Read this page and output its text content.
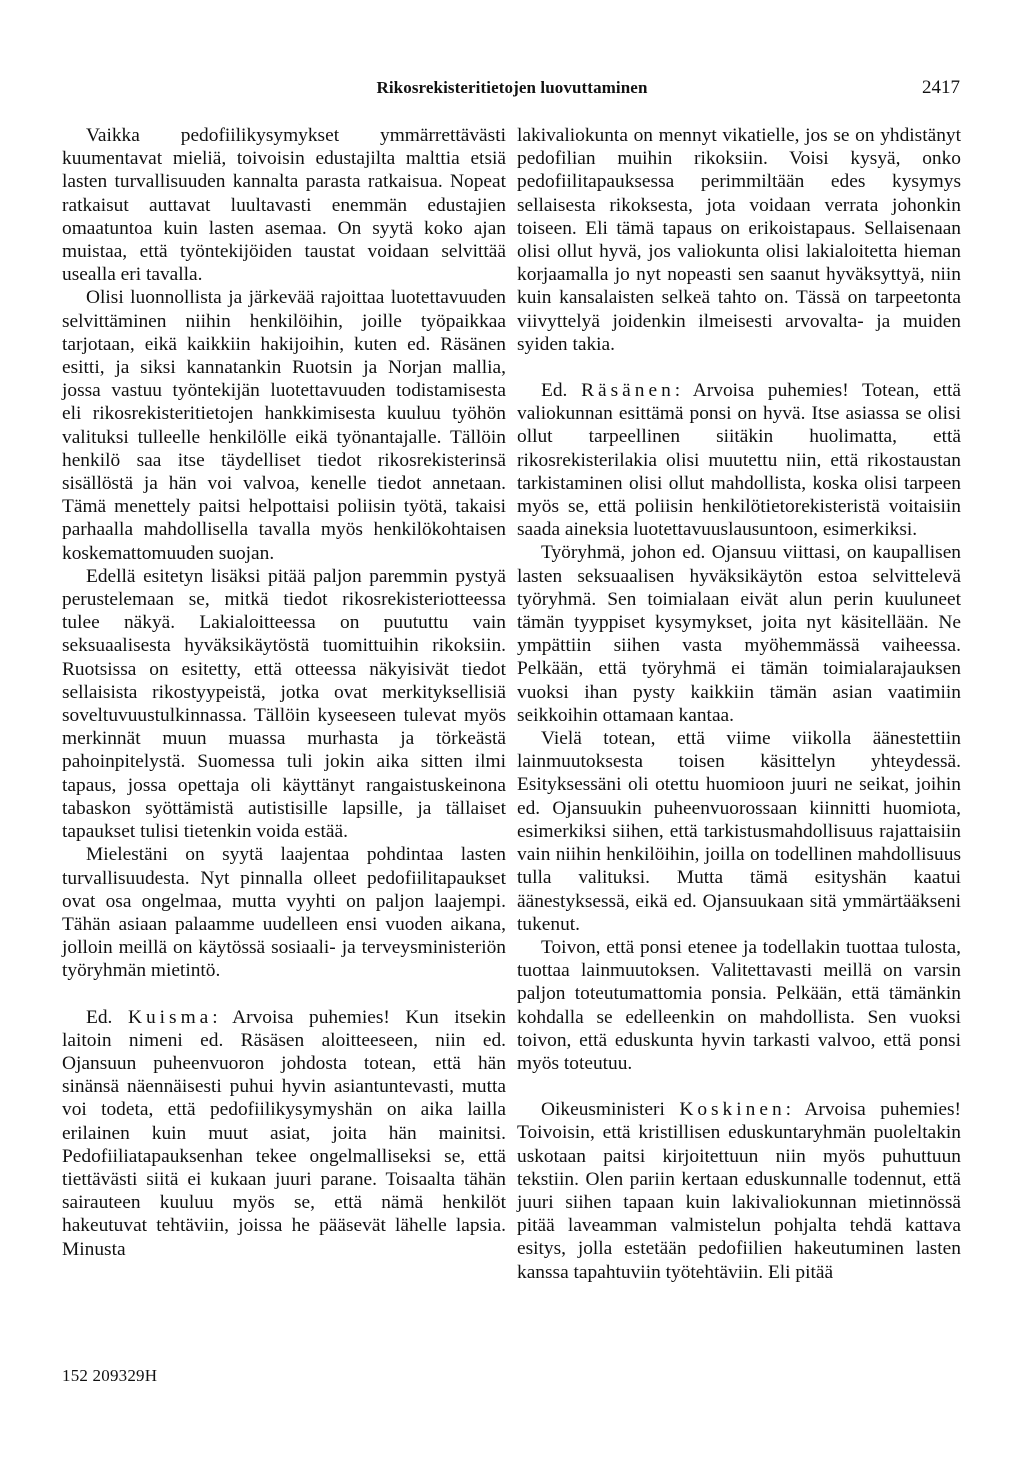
Rikosrekisteritietojen luovuttaminen	2417

Vaikka pedofiilikysymykset ymmärrettävästi kuumentavat mieliä, toivoisin edustajilta malttia etsiä lasten turvallisuuden kannalta parasta ratkaisua. Nopeat ratkaisut auttavat luultavasti enemmän edustajien omaatuntoa kuin lasten asemaa. On syytä koko ajan muistaa, että työntekijöiden taustat voidaan selvittää usealla eri tavalla.

Olisi luonnollista ja järkevää rajoittaa luotettavuuden selvittäminen niihin henkilöihin, joille työpaikkaa tarjotaan, eikä kaikkiin hakijoihin, kuten ed. Räsänen esitti, ja siksi kannatankin Ruotsin ja Norjan mallia, jossa vastuu työntekijän luotettavuuden todistamisesta eli rikosrekisteritietojen hankkimisesta kuuluu työhön valituksi tulleelle henkilölle eikä työnantajalle. Tällöin henkilö saa itse täydelliset tiedot rikosrekisterinsä sisällöstä ja hän voi valvoa, kenelle tiedot annetaan. Tämä menettely paitsi helpottaisi poliisin työtä, takaisi parhaalla mahdollisella tavalla myös henkilökohtaisen koskemattomuuden suojan.

Edellä esitetyn lisäksi pitää paljon paremmin pystyä perustelemaan se, mitkä tiedot rikosrekisteriotteessa tulee näkyä. Lakialoitteessa on puututtu vain seksuaalisesta hyväksikäytöstä tuomittuihin rikoksiin. Ruotsissa on esitetty, että otteessa näkyisivät tiedot sellaisista rikostyypeistä, jotka ovat merkityksellisiä soveltuvuustulkinnassa. Tällöin kyseeseen tulevat myös merkinnät muun muassa murhasta ja törkeästä pahoinpitelystä. Suomessa tuli jokin aika sitten ilmi tapaus, jossa opettaja oli käyttänyt rangaistuskeinona tabaskon syöttämistä autistisille lapsille, ja tällaiset tapaukset tulisi tietenkin voida estää.

Mielestäni on syytä laajentaa pohdintaa lasten turvallisuudesta. Nyt pinnalla olleet pedofiilitapaukset ovat osa ongelmaa, mutta vyyhti on paljon laajempi. Tähän asiaan palaamme uudelleen ensi vuoden aikana, jolloin meillä on käytössä sosiaali- ja terveysministeriön työryhmän mietintö.

Ed. Kuisma: Arvoisa puhemies! Kun itsekin laitoin nimeni ed. Räsäsen aloitteeseen, niin ed. Ojansuun puheenvuoron johdosta totean, että hän sinänsä näennäisesti puhui hyvin asiantuntevasti, mutta voi todeta, että pedofiilikysymyshän on aika lailla erilainen kuin muut asiat, joita hän mainitsi. Pedofiiliatapauksenhan tekee ongelmalliseksi se, että tiettävästi siitä ei kukaan juuri parane. Toisaalta tähän sairauteen kuuluu myös se, että nämä henkilöt hakeutuvat tehtäviin, joissa he pääsevät lähelle lapsia. Minusta

lakivaliokunta on mennyt vikatielle, jos se on yhdistänyt pedofilian muihin rikoksiin. Voisi kysyä, onko pedofiilitapauksessa perimmiltään edes kysymys sellaisesta rikoksesta, jota voidaan verrata johonkin toiseen. Eli tämä tapaus on erikoistapaus. Sellaisenaan olisi ollut hyvä, jos valiokunta olisi lakialoitetta hieman korjaamalla jo nyt nopeasti sen saanut hyväksyttyä, niin kuin kansalaisten selkeä tahto on. Tässä on tarpeetonta viivyttelyä joidenkin ilmeisesti arvovalta- ja muiden syiden takia.

Ed. Räsänen: Arvoisa puhemies! Totean, että valiokunnan esittämä ponsi on hyvä. Itse asiassa se olisi ollut tarpeellinen siitäkin huolimatta, että rikosrekisterilakia olisi muutettu niin, että rikostaustan tarkistaminen olisi ollut mahdollista, koska olisi tarpeen myös se, että poliisin henkilötietorekisteristä voitaisiin saada aineksia luotettavuuslausuntoon, esimerkiksi.

Työryhmä, johon ed. Ojansuu viittasi, on kaupallisen lasten seksuaalisen hyväksikäytön estoa selvittelevä työryhmä. Sen toimialaan eivät alun perin kuuluneet tämän tyyppiset kysymykset, joita nyt käsitellään. Ne ympättiin siihen vasta myöhemmässä vaiheessa. Pelkään, että työryhmä ei tämän toimialarajauksen vuoksi ihan pysty kaikkiin tämän asian vaatimiin seikkoihin ottamaan kantaa.

Vielä totean, että viime viikolla äänestettiin lainmuutoksesta toisen käsittelyn yhteydessä. Esityksessäni oli otettu huomioon juuri ne seikat, joihin ed. Ojansuukin puheenvuorossaan kiinnitti huomiota, esimerkiksi siihen, että tarkistusmahdollisuus rajattaisiin vain niihin henkilöihin, joilla on todellinen mahdollisuus tulla valituksi. Mutta tämä esityshän kaatui äänestyksessä, eikä ed. Ojansuukaan sitä ymmärtääkseni tukenut.

Toivon, että ponsi etenee ja todellakin tuottaa tulosta, tuottaa lainmuutoksen. Valitettavasti meillä on varsin paljon toteutumattomia ponsia. Pelkään, että tämänkin kohdalla se edelleenkin on mahdollista. Sen vuoksi toivon, että eduskunta hyvin tarkasti valvoo, että ponsi myös toteutuu.

Oikeusministeri Koskinen: Arvoisa puhemies! Toivoisin, että kristillisen eduskuntaryhmän puoleltakin uskotaan paitsi kirjoitettuun niin myös puhuttuun tekstiin. Olen pariin kertaan eduskunnalle todennut, että juuri siihen tapaan kuin lakivaliokunnan mietinnössä pitää laveamman valmistelun pohjalta tehdä kattava esitys, jolla estetään pedofiilien hakeutuminen lasten kanssa tapahtuviin työtehtäviin. Eli pitää

152 209329H
